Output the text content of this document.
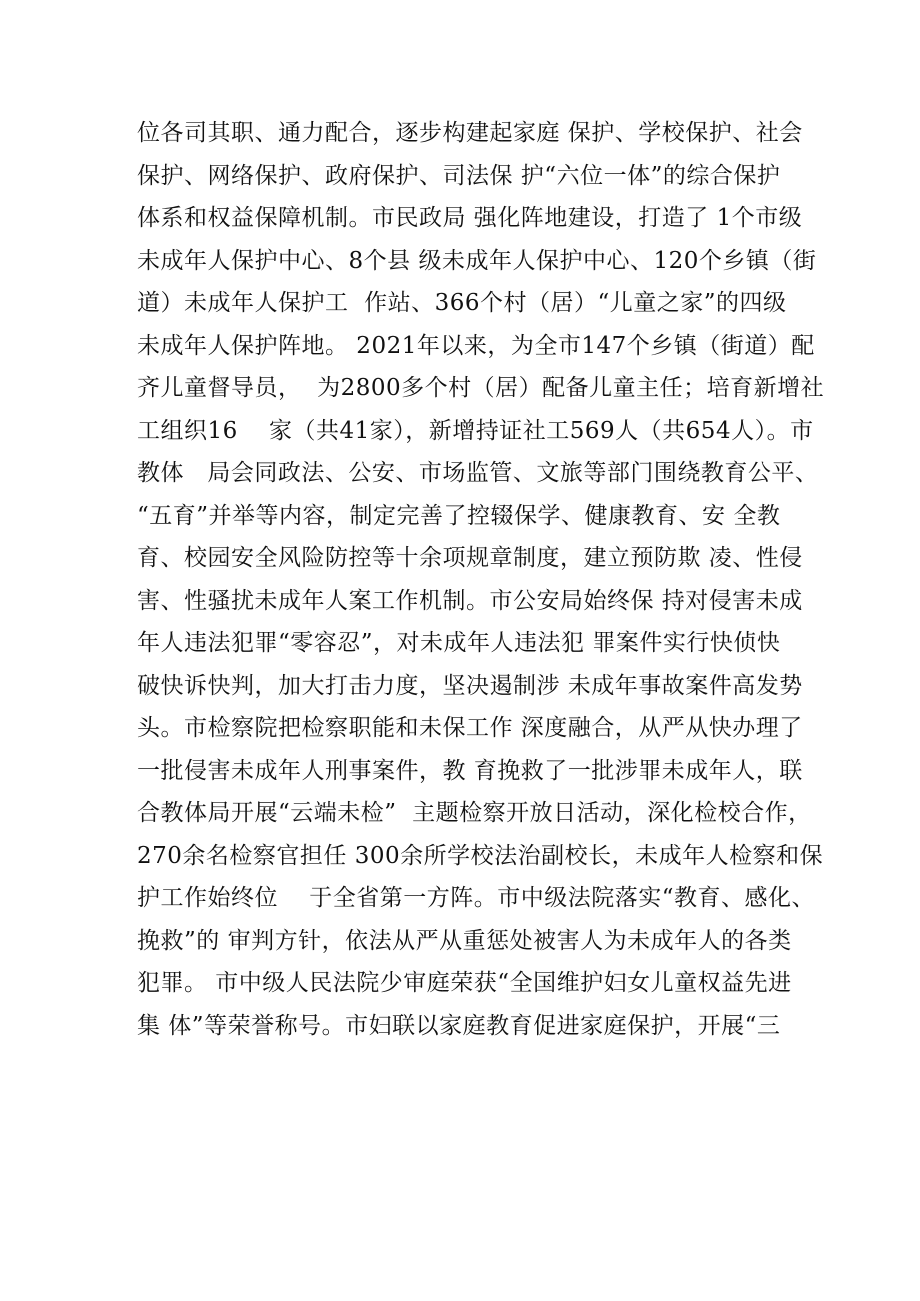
位各司其职、通力配合，逐步构建起家庭 保护、学校保护、社会
保护、网络保护、政府保护、司法保 护“六位一体”的综合保护
体系和权益保障机制。市民政局 强化阵地建设，打造了 1个市级
未成年人保护中心、8个县 级未成年人保护中心、120个乡镇（街
道）未成年人保护工  作站、366个村（居）“儿童之家”的四级
未成年人保护阵地。 2021年以来，为全市147个乡镇（街道）配
齐儿童督导员，  为2800多个村（居）配备儿童主任；培育新增社
工组织16    家（共41家），新增持证社工569人（共654人）。市
教体   局会同政法、公安、市场监管、文旅等部门围绕教育公平、
“五育”并举等内容，制定完善了控辍保学、健康教育、安 全教
育、校园安全风险防控等十余项规章制度，建立预防欺 凌、性侵
害、性骚扰未成年人案工作机制。市公安局始终保 持对侵害未成
年人违法犯罪“零容忍”，对未成年人违法犯 罪案件实行快侦快
破快诉快判，加大打击力度，坚决遏制涉 未成年事故案件高发势
头。市检察院把检察职能和未保工作 深度融合，从严从快办理了
一批侵害未成年人刑事案件，教 育挽救了一批涉罪未成年人，联
合教体局开展“云端未检”  主题检察开放日活动，深化检校合作，
270余名检察官担任 300余所学校法治副校长，未成年人检察和保
护工作始终位    于全省第一方阵。市中级法院落实“教育、感化、
挽救”的 审判方针，依法从严从重惩处被害人为未成年人的各类
犯罪。 市中级人民法院少审庭荣获“全国维护妇女儿童权益先进
集 体”等荣誉称号。市妇联以家庭教育促进家庭保护，开展“三
